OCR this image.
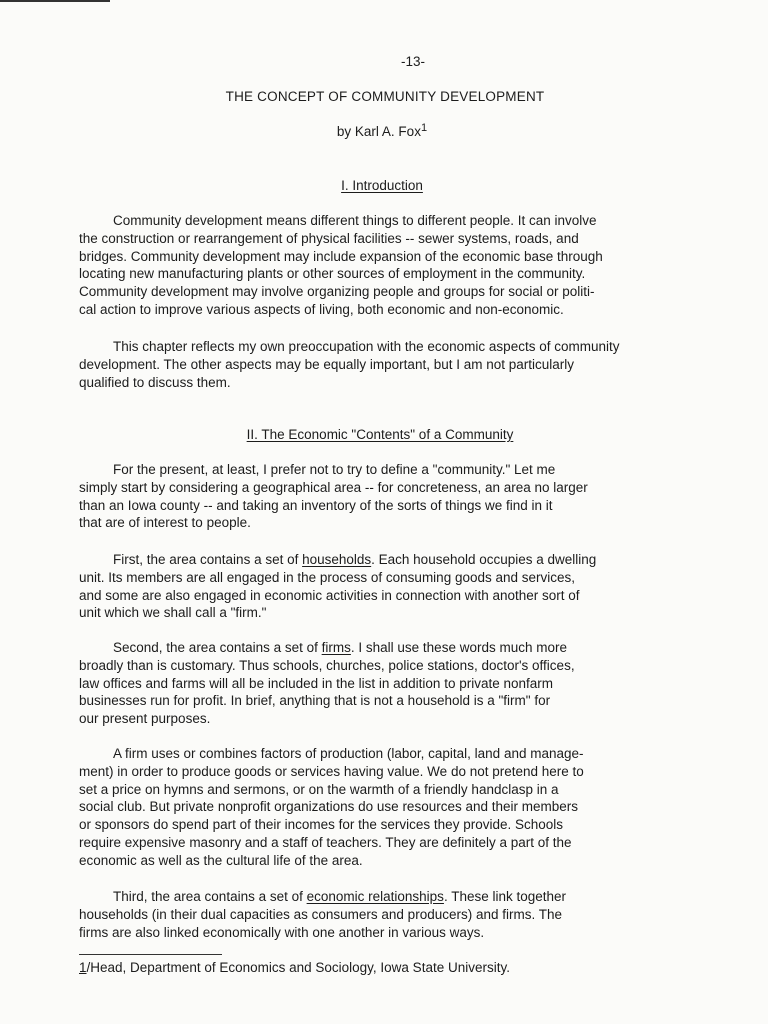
-13-
THE CONCEPT OF COMMUNITY DEVELOPMENT
by Karl A. Fox$^1$
I. Introduction

Community development means different things to different people. It can involve
the construction or rearrangement of physical facilities -- sewer systems, roads, and
bridges. Community development may include expansion of the economic base through
locating new manufacturing plants or other sources of employment in the community.
Community development may involve organizing people and groups for social or politi-
cal action to improve various aspects of living, both economic and non-economic.

This chapter reflects my own preoccupation with the economic aspects of community
development. The other aspects may be equally important, but I am not particularly
qualified to discuss them.

II. The Economic "Contents" of a Community

For the present, at least, I prefer not to try to define a "community." Let me
simply start by considering a geographical area -- for concreteness, an area no larger
than an Iowa county -- and taking an inventory of the sorts of things we find in it
that are of interest to people.

First, the area contains a set of households. Each household occupies a dwelling
unit. Its members are all engaged in the process of consuming goods and services,
and some are also engaged in economic activities in connection with another sort of
unit which we shall call a "firm."

Second, the area contains a set of firms. I shall use these words much more
broadly than is customary. Thus schools, churches, police stations, doctor's offices,
law offices and farms will all be included in the list in addition to private nonfarm
businesses run for profit. In brief, anything that is not a household is a "firm" for
our present purposes.

A firm uses or combines factors of production (labor, capital, land and manage-
ment) in order to produce goods or services having value. We do not pretend here to
set a price on hymns and sermons, or on the warmth of a friendly handclasp in a
social club. But private nonprofit organizations do use resources and their members
or sponsors do spend part of their incomes for the services they provide. Schools
require expensive masonry and a staff of teachers. They are definitely a part of the
economic as well as the cultural life of the area.

Third, the area contains a set of economic relationships. These link together
households (in their dual capacities as consumers and producers) and firms. The
firms are also linked economically with one another in various ways.

1/Head, Department of Economics and Sociology, Iowa State University.
